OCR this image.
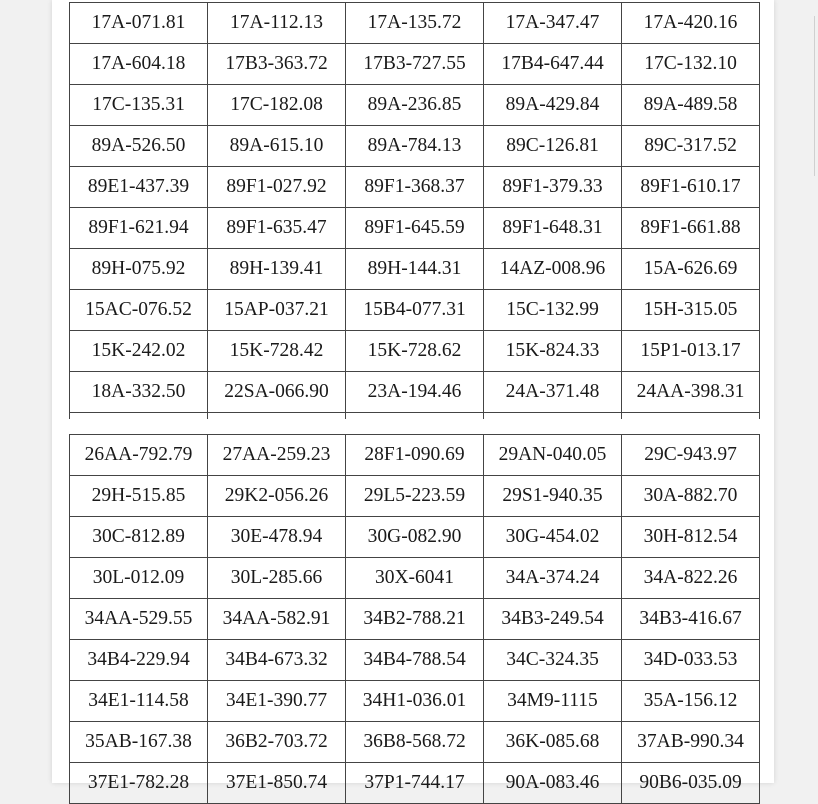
17A-071.81	17A-112.13	17A-135.72	17A-347.47	17A-420.16
17A-604.18	17B3-363.72	17B3-727.55	17B4-647.44	17C-132.10
17C-135.31	17C-182.08	89A-236.85	89A-429.84	89A-489.58
89A-526.50	89A-615.10	89A-784.13	89C-126.81	89C-317.52
89E1-437.39	89F1-027.92	89F1-368.37	89F1-379.33	89F1-610.17
89F1-621.94	89F1-635.47	89F1-645.59	89F1-648.31	89F1-661.88
89H-075.92	89H-139.41	89H-144.31	14AZ-008.96	15A-626.69
15AC-076.52	15AP-037.21	15B4-077.31	15C-132.99	15H-315.05
15K-242.02	15K-728.42	15K-728.62	15K-824.33	15P1-013.17
18A-332.50	22SA-066.90	23A-194.46	24A-371.48	24AA-398.31

26AA-792.79	27AA-259.23	28F1-090.69	29AN-040.05	29C-943.97
29H-515.85	29K2-056.26	29L5-223.59	29S1-940.35	30A-882.70
30C-812.89	30E-478.94	30G-082.90	30G-454.02	30H-812.54
30L-012.09	30L-285.66	30X-6041	34A-374.24	34A-822.26
34AA-529.55	34AA-582.91	34B2-788.21	34B3-249.54	34B3-416.67
34B4-229.94	34B4-673.32	34B4-788.54	34C-324.35	34D-033.53
34E1-114.58	34E1-390.77	34H1-036.01	34M9-1115	35A-156.12
35AB-167.38	36B2-703.72	36B8-568.72	36K-085.68	37AB-990.34
37E1-782.28	37E1-850.74	37P1-744.17	90A-083.46	90B6-035.09
